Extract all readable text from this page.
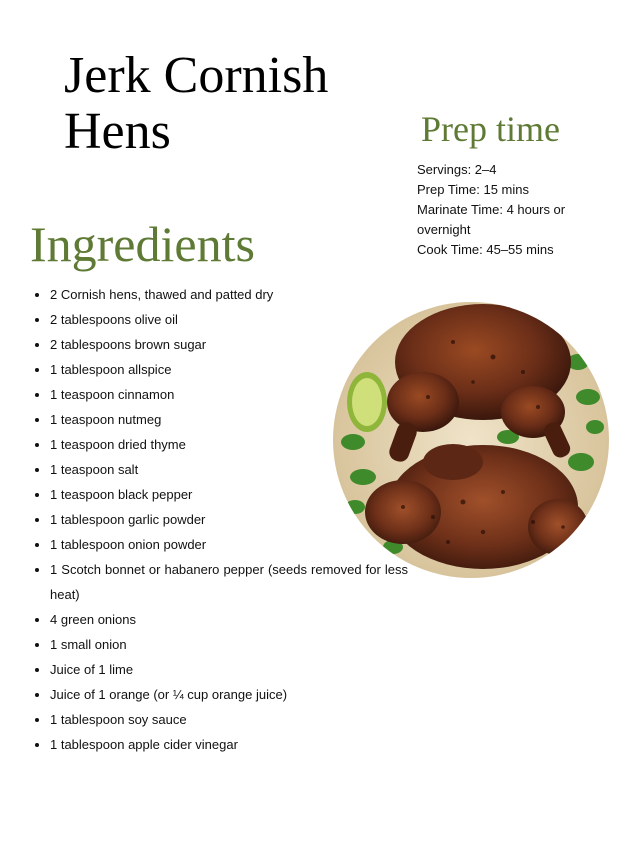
Jerk Cornish
Hens	Prep time
Servings: 2–4
Prep Time: 15 mins
Marinate Time: 4 hours or overnight
Cook Time: 45–55 mins
Ingredients
• 2 Cornish hens, thawed and patted dry
• 2 tablespoons olive oil
• 2 tablespoons brown sugar
• 1 tablespoon allspice
• 1 teaspoon cinnamon
• 1 teaspoon nutmeg
• 1 teaspoon dried thyme
• 1 teaspoon salt
• 1 teaspoon black pepper
• 1 tablespoon garlic powder
• 1 tablespoon onion powder
• 1 Scotch bonnet or habanero pepper (seeds removed for less heat)
• 4 green onions
• 1 small onion
• Juice of 1 lime
• Juice of 1 orange (or ¼ cup orange juice)
• 1 tablespoon soy sauce
• 1 tablespoon apple cider vinegar
